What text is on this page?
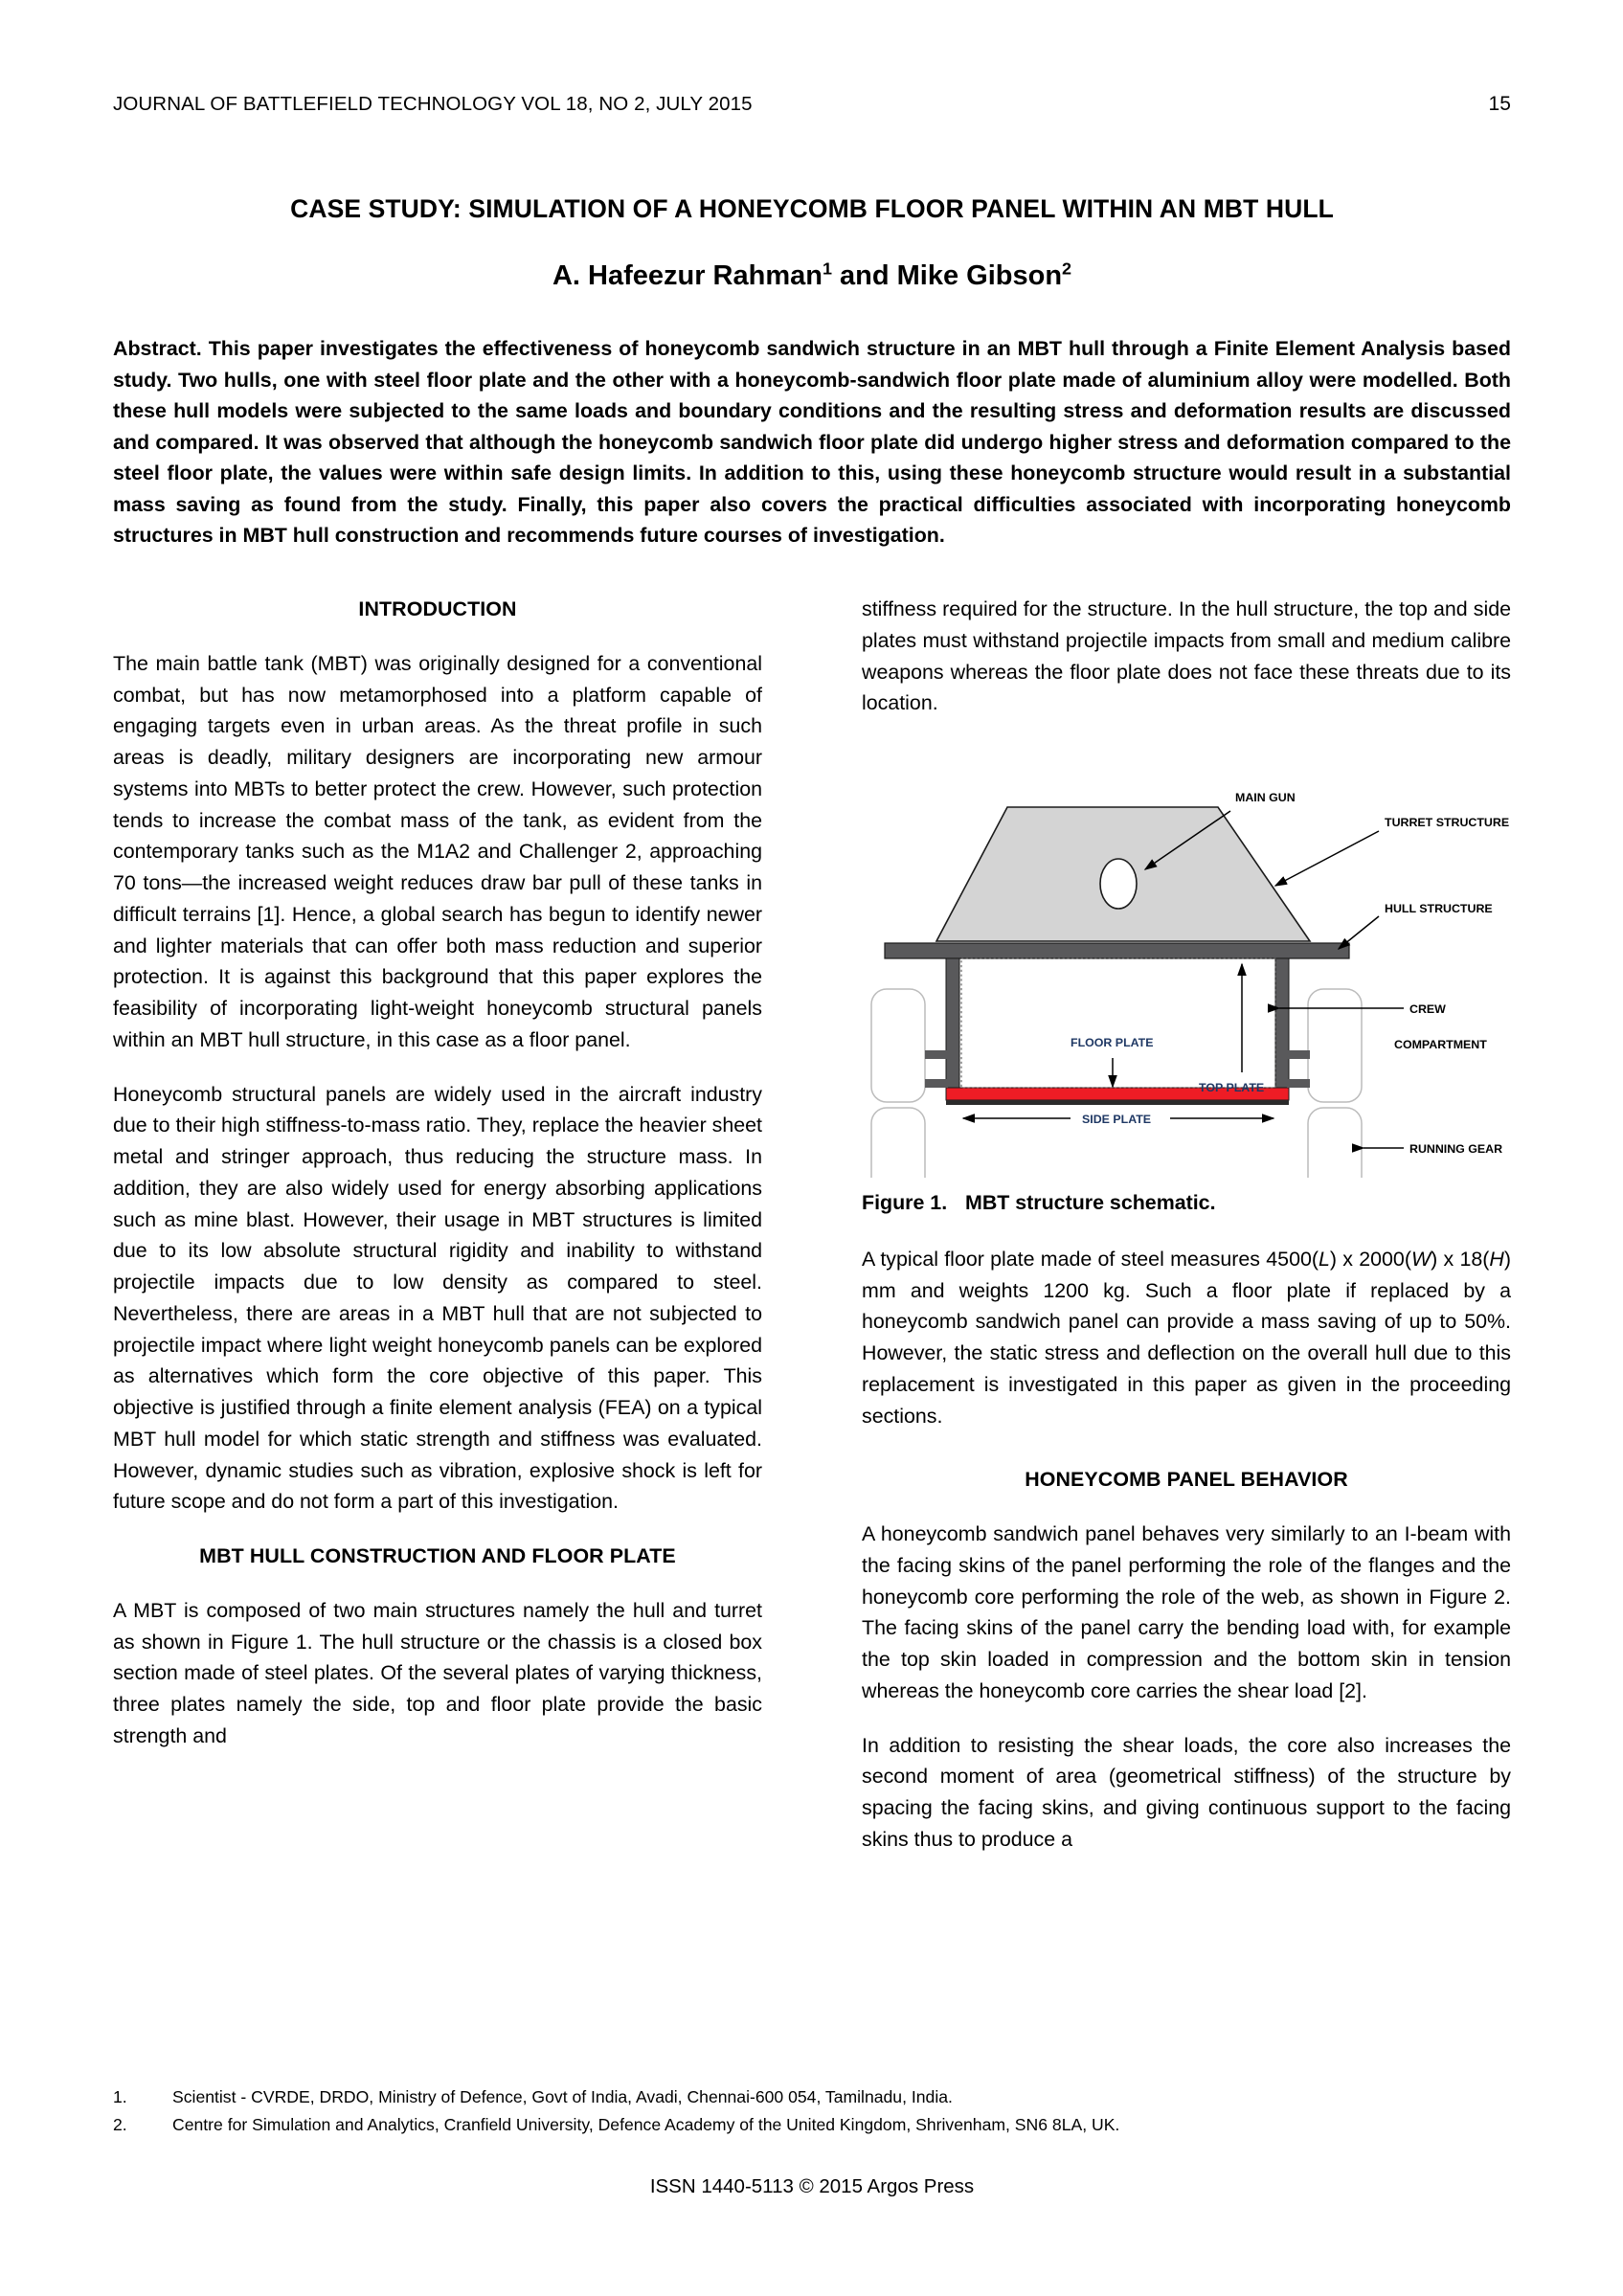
JOURNAL OF BATTLEFIELD TECHNOLOGY VOL 18, NO 2, JULY 2015	15
CASE STUDY: SIMULATION OF A HONEYCOMB FLOOR PANEL WITHIN AN MBT HULL
A. Hafeezur Rahman$^1$ and Mike Gibson$^2$
Abstract. This paper investigates the effectiveness of honeycomb sandwich structure in an MBT hull through a Finite Element Analysis based study. Two hulls, one with steel floor plate and the other with a honeycomb-sandwich floor plate made of aluminium alloy were modelled. Both these hull models were subjected to the same loads and boundary conditions and the resulting stress and deformation results are discussed and compared. It was observed that although the honeycomb sandwich floor plate did undergo higher stress and deformation compared to the steel floor plate, the values were within safe design limits. In addition to this, using these honeycomb structure would result in a substantial mass saving as found from the study. Finally, this paper also covers the practical difficulties associated with incorporating honeycomb structures in MBT hull construction and recommends future courses of investigation.
INTRODUCTION

The main battle tank (MBT) was originally designed for a conventional combat, but has now metamorphosed into a platform capable of engaging targets even in urban areas. As the threat profile in such areas is deadly, military designers are incorporating new armour systems into MBTs to better protect the crew. However, such protection tends to increase the combat mass of the tank, as evident from the contemporary tanks such as the M1A2 and Challenger 2, approaching 70 tons—the increased weight reduces draw bar pull of these tanks in difficult terrains [1]. Hence, a global search has begun to identify newer and lighter materials that can offer both mass reduction and superior protection. It is against this background that this paper explores the feasibility of incorporating light-weight honeycomb structural panels within an MBT hull structure, in this case as a floor panel.

Honeycomb structural panels are widely used in the aircraft industry due to their high stiffness-to-mass ratio. They, replace the heavier sheet metal and stringer approach, thus reducing the structure mass. In addition, they are also widely used for energy absorbing applications such as mine blast. However, their usage in MBT structures is limited due to its low absolute structural rigidity and inability to withstand projectile impacts due to low density as compared to steel. Nevertheless, there are areas in a MBT hull that are not subjected to projectile impact where light weight honeycomb panels can be explored as alternatives which form the core objective of this paper. This objective is justified through a finite element analysis (FEA) on a typical MBT hull model for which static strength and stiffness was evaluated. However, dynamic studies such as vibration, explosive shock is left for future scope and do not form a part of this investigation.

MBT HULL CONSTRUCTION AND FLOOR PLATE

A MBT is composed of two main structures namely the hull and turret as shown in Figure 1. The hull structure or the chassis is a closed box section made of steel plates. Of the several plates of varying thickness, three plates namely the side, top and floor plate provide the basic strength and

stiffness required for the structure. In the hull structure, the top and side plates must withstand projectile impacts from small and medium calibre weapons whereas the floor plate does not face these threats due to its location.

MAIN GUN
TURRET STRUCTURE
HULL STRUCTURE
CREW
COMPARTMENT
RUNNING GEAR
TOP PLATE
SIDE PLATE
FLOOR PLATE
Figure 1. MBT structure schematic.

A typical floor plate made of steel measures 4500(L) x 2000(W) x 18(H) mm and weights 1200 kg. Such a floor plate if replaced by a honeycomb sandwich panel can provide a mass saving of up to 50%. However, the static stress and deflection on the overall hull due to this replacement is investigated in this paper as given in the proceeding sections.

HONEYCOMB PANEL BEHAVIOR

A honeycomb sandwich panel behaves very similarly to an I-beam with the facing skins of the panel performing the role of the flanges and the honeycomb core performing the role of the web, as shown in Figure 2. The facing skins of the panel carry the bending load with, for example the top skin loaded in compression and the bottom skin in tension whereas the honeycomb core carries the shear load [2].

In addition to resisting the shear loads, the core also increases the second moment of area (geometrical stiffness) of the structure by spacing the facing skins, and giving continuous support to the facing skins thus to produce a

1.	Scientist - CVRDE, DRDO, Ministry of Defence, Govt of India, Avadi, Chennai-600 054, Tamilnadu, India.
2.	Centre for Simulation and Analytics, Cranfield University, Defence Academy of the United Kingdom, Shrivenham, SN6 8LA, UK.
ISSN 1440-5113 © 2015 Argos Press
